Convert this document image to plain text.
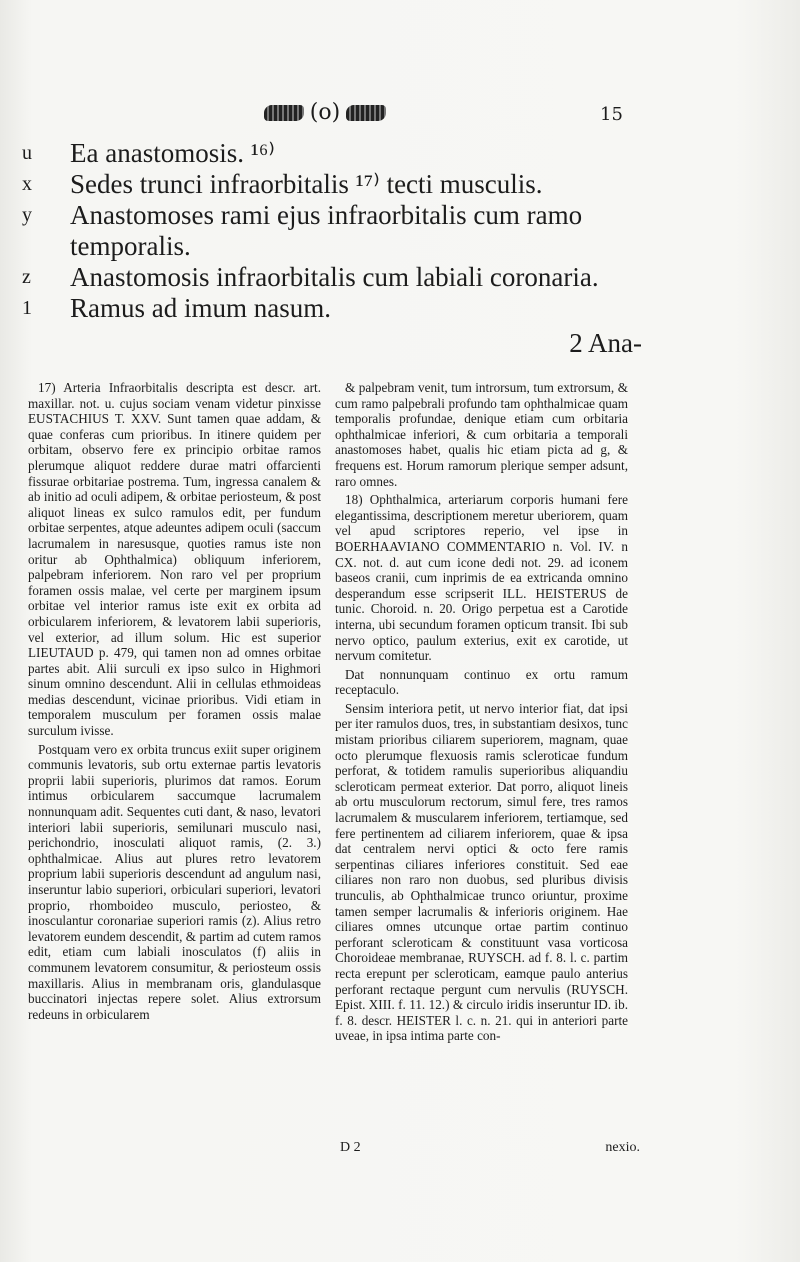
(o)	15
u	Ea anastomosis. ¹⁶⁾
x	Sedes trunci infraorbitalis ¹⁷⁾ tecti musculis.
y	Anastomoses rami ejus infraorbitalis cum ramo temporalis.
z	Anastomosis infraorbitalis cum labiali coronaria.
1	Ramus ad imum nasum.
2 Ana-

17) Arteria Infraorbitalis descripta est descr. art. maxillar. not. u. cujus sociam venam videtur pinxisse EUSTACHIUS T. XXV. Sunt tamen quae addam, & quae conferas cum prioribus. In itinere quidem per orbitam, observo fere ex principio orbitae ramos plerumque aliquot reddere durae matri offarcienti fissurae orbitariae postrema. Tum, ingressa canalem & ab initio ad oculi adipem, & orbitae periosteum, & post aliquot lineas ex sulco ramulos edit, per fundum orbitae serpentes, atque adeuntes adipem oculi (saccum lacrumalem in naresusque, quoties ramus iste non oritur ab Ophthalmica) obliquum inferiorem, palpebram inferiorem. Non raro vel per proprium foramen ossis malae, vel certe per marginem ipsum orbitae vel interior ramus iste exit ex orbita ad orbicularem inferiorem, & levatorem labii superioris, vel exterior, ad illum solum. Hic est superior LIEUTAUD p. 479, qui tamen non ad omnes orbitae partes abit. Alii surculi ex ipso sulco in Highmori sinum omnino descendunt. Alii in cellulas ethmoideas medias descendunt, vicinae prioribus. Vidi etiam in temporalem musculum per foramen ossis malae surculum ivisse.

Postquam vero ex orbita truncus exiit super originem communis levatoris, sub ortu externae partis levatoris proprii labii superioris, plurimos dat ramos. Eorum intimus orbicularem saccumque lacrumalem nonnunquam adit. Sequentes cuti dant, & naso, levatori interiori labii superioris, semilunari musculo nasi, perichondrio, inosculati aliquot ramis, (2. 3.) ophthalmicae. Alius aut plures retro levatorem proprium labii superioris descendunt ad angulum nasi, inseruntur labio superiori, orbiculari superiori, levatori proprio, rhomboideo musculo, periosteo, & inosculantur coronariae superiori ramis (z). Alius retro levatorem eundem descendit, & partim ad cutem ramos edit, etiam cum labiali inosculatos (f) aliis in communem levatorem consumitur, & periosteum ossis maxillaris. Alius in membranam oris, glandulasque buccinatori injectas repere solet. Alius extrorsum redeuns in orbicularem

& palpebram venit, tum introrsum, tum extrorsum, & cum ramo palpebrali profundo tam ophthalmicae quam temporalis profundae, denique etiam cum orbitaria ophthalmicae inferiori, & cum orbitaria a temporali anastomoses habet, qualis hic etiam picta ad g, & frequens est. Horum ramorum plerique semper adsunt, raro omnes.

18) Ophthalmica, arteriarum corporis humani fere elegantissima, descriptionem meretur uberiorem, quam vel apud scriptores reperio, vel ipse in BOERHAAVIANO COMMENTARIO n. Vol. IV. n CX. not. d. aut cum icone dedi not. 29. ad iconem baseos cranii, cum inprimis de ea extricanda omnino desperandum esse scripserit ILL. HEISTERUS de tunic. Choroid. n. 20. Origo perpetua est a Carotide interna, ubi secundum foramen opticum transit. Ibi sub nervo optico, paulum exterius, exit ex carotide, ut nervum comitetur.

Dat nonnunquam continuo ex ortu ramum receptaculo.

Sensim interiora petit, ut nervo interior fiat, dat ipsi per iter ramulos duos, tres, in substantiam desixos, tunc mistam prioribus ciliarem superiorem, magnam, quae octo plerumque flexuosis ramis scleroticae fundum perforat, & totidem ramulis superioribus aliquandiu scleroticam permeat exterior. Dat porro, aliquot lineis ab ortu musculorum rectorum, simul fere, tres ramos lacrumalem & muscularem inferiorem, tertiamque, sed fere pertinentem ad ciliarem inferiorem, quae & ipsa dat centralem nervi optici & octo fere ramis serpentinas ciliares inferiores constituit. Sed eae ciliares non raro non duobus, sed pluribus divisis trunculis, ab Ophthalmicae trunco oriuntur, proxime tamen semper lacrumalis & inferioris originem. Hae ciliares omnes utcunque ortae partim continuo perforant scleroticam & constituunt vasa vorticosa Choroideae membranae, RUYSCH. ad f. 8. l. c. partim recta erepunt per scleroticam, eamque paulo anterius perforant rectaque pergunt cum nervulis (RUYSCH. Epist. XIII. f. 11. 12.) & circulo iridis inseruntur ID. ib. f. 8. descr. HEISTER l. c. n. 21. qui in anteriori parte uveae, in ipsa intima parte con-

D 2	nexio.
